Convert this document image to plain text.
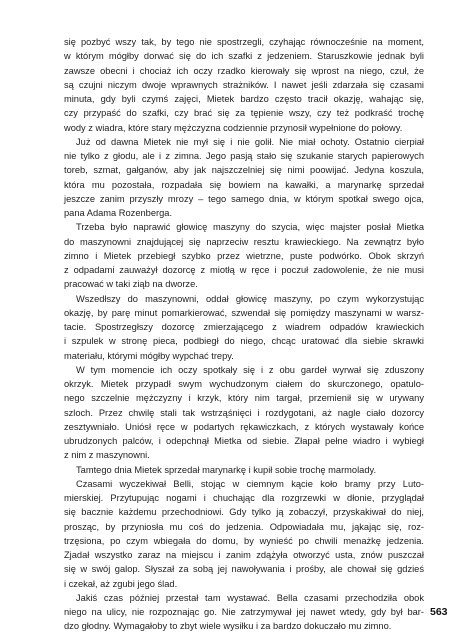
się pozbyć wszy tak, by tego nie spostrzegli, czyhając równocześnie na moment,
w którym mógłby dorwać się do ich szafki z jedzeniem. Staruszkowie jednak byli
zawsze obecni i chociaż ich oczy rzadko kierowały się wprost na niego, czuł, że
są czujni niczym dwoje wprawnych strażników. I nawet jeśli zdarzała się czasami
minuta, gdy byli czymś zajęci, Mietek bardzo często tracił okazję, wahając się,
czy przypaść do szafki, czy brać się za tępienie wszy, czy też podkraść trochę
wody z wiadra, które stary mężczyzna codziennie przynosił wypełnione do połowy.
Już od dawna Mietek nie mył się i nie golił. Nie miał ochoty. Ostatnio cierpiał
nie tylko z głodu, ale i z zimna. Jego pasją stało się szukanie starych papierowych
toreb, szmat, gałganów, aby jak najszczelniej się nimi poowijać. Jedyna koszula,
która mu pozostała, rozpadała się bowiem na kawałki, a marynarkę sprzedał
jeszcze zanim przyszły mrozy – tego samego dnia, w którym spotkał swego ojca,
pana Adama Rozenberga.
Trzeba było naprawić głowicę maszyny do szycia, więc majster posłał Mietka
do maszynowni znajdującej się naprzeciw resztu krawieckiego. Na zewnątrz było
zimno i Mietek przebiegł szybko przez wietrzne, puste podwórko. Obok skrzyń
z odpadami zauważył dozorcę z miotłą w ręce i poczuł zadowolenie, że nie musi
pracować w taki ziąb na dworze.
Wszedłszy do maszynowni, oddał głowicę maszyny, po czym wykorzystując
okazję, by parę minut pomarkierować, szwendał się pomiędzy maszynami w warsz-
tacie. Spostrzegłszy dozorcę zmierzającego z wiadrem odpadów krawieckich
i szpulek w stronę pieca, podbiegł do niego, chcąc uratować dla siebie skrawki
materiału, którymi mógłby wypchać trepy.
W tym momencie ich oczy spotkały się i z obu gardeł wyrwał się zduszony
okrzyk. Mietek przypadł swym wychudzonym ciałem do skurczonego, opatulo-
nego szczelnie mężczyzny i krzyk, który nim targał, przemienił się w urywany
szloch. Przez chwilę stali tak wstrząśnięci i rozdygotani, aż nagle ciało dozorcy
zesztywniało. Uniósł ręce w podartych rękawiczkach, z których wystawały końce
ubrudzonych palców, i odepchnął Mietka od siebie. Złapał pełne wiadro i wybiegł
z nim z maszynowni.
Tamtego dnia Mietek sprzedał marynarkę i kupił sobie trochę marmolady.
Czasami wyczekiwał Belli, stojąc w ciemnym kącie koło bramy przy Luto-
mierskiej. Przytupując nogami i chuchając dla rozgrzewki w dłonie, przyglądał
się bacznie każdemu przechodniowi. Gdy tylko ją zobaczył, przyskakiwał do niej,
prosząc, by przyniosła mu coś do jedzenia. Odpowiadała mu, jąkając się, roz-
trzęsiona, po czym wbiegała do domu, by wynieść po chwili menażkę jedzenia.
Zjadał wszystko zaraz na miejscu i zanim zdążyła otworzyć usta, znów puszczał
się w swój galop. Słyszał za sobą jej nawoływania i prośby, ale chował się gdzieś
i czekał, aż zgubi jego ślad.
Jakiś czas później przestał tam wystawać. Bella czasami przechodziła obok
niego na ulicy, nie rozpoznając go. Nie zatrzymywał jej nawet wtedy, gdy był bar-
dzo głodny. Wymagałoby to zbyt wiele wysiłku i za bardzo dokuczało mu zimno.
563
